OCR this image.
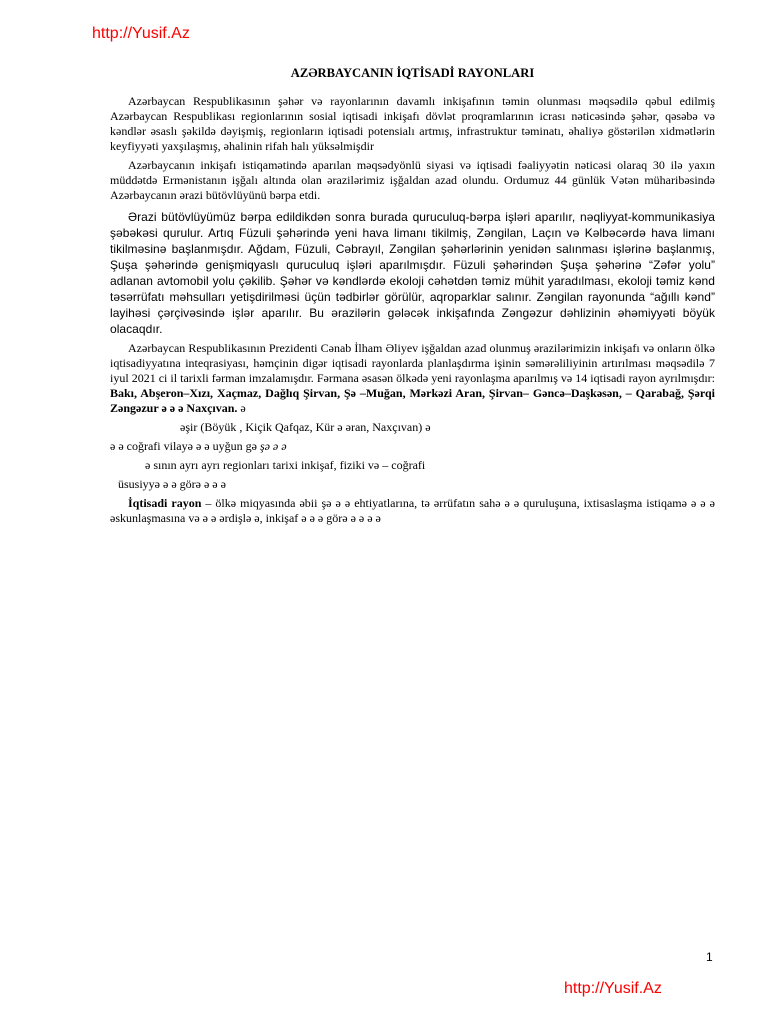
http://Yusif.Az
AZƏRBAYCANIN İQTİSADİ RAYONLARI

Azərbaycan Respublikasının şəhər və rayonlarının davamlı inkişafının təmin olunması məqsədilə qəbul edilmiş Azərbaycan Respublikası regionlarının sosial iqtisadi inkişafı dövlət proqramlarının icrası nəticəsində şəhər, qəsəbə və kəndlər əsaslı şəkildə dəyişmiş, regionların iqtisadi potensialı artmış, infrastruktur təminatı, əhaliyə göstərilən xidmətlərin keyfiyyəti yaxşılaşmış, əhalinin rifah halı yüksəlmişdir

Azərbaycanın inkişafı istiqamətində aparılan məqsədyönlü siyasi və iqtisadi fəaliyyətin nəticəsi olaraq 30 ilə yaxın müddətdə Ermənistanın işğalı altında olan ərazilərimiz işğaldan azad olundu. Ordumuz 44 günlük Vətən müharibəsində Azərbaycanın ərazi bütövlüyünü bərpa etdi.

Ərazi bütövlüyümüz bərpa edildikdən sonra burada quruculuq-bərpa işləri aparılır, nəqliyyat-kommunikasiya şəbəkəsi qurulur. Artıq Füzuli şəhərində yeni hava limanı tikilmiş, Zəngilan, Laçın və Kəlbəcərdə hava limanı tikilməsinə başlanmışdır. Ağdam, Füzuli, Cəbrayıl, Zəngilan şəhərlərinin yenidən salınması işlərinə başlanmış, Şuşa şəhərində genişmiqyaslı quruculuq işləri aparılmışdır. Füzuli şəhərindən Şuşa şəhərinə “Zəfər yolu” adlanan avtomobil yolu çəkilib. Şəhər və kəndlərdə ekoloji cəhətdən təmiz mühit yaradılması, ekoloji təmiz kənd təsərrüfatı məhsulları yetişdirilməsi üçün tədbirlər görülür, aqroparklar salınır. Zəngilan rayonunda “ağıllı kənd” layihəsi çərçivəsində işlər aparılır. Bu ərazilərin gələcək inkişafında Zəngəzur dəhlizinin əhəmiyyəti böyük olacaqdır.

Azərbaycan Respublikasının Prezidenti Cənab İlham Əliyev işğaldan azad olunmuş ərazilərimizin inkişafı və onların ölkə iqtisadiyyatına inteqrasiyası, həmçinin digər iqtisadi rayonlarda planlaşdırma işinin səmərəliliyinin artırılması məqsədilə 7 iyul 2021 ci il tarixli fərman imzalamışdır. Fərmana əsasən ölkədə yeni rayonlaşma aparılmış və 14 iqtisadi rayon ayrılmışdır: Bakı, Abşeron–Xızı, Xaçmaz, Dağlıq Şirvan, Şə –Muğan, Mərkəzi Aran, Şirvan– Gəncə–Daşkəsən, – Qarabağ, Şərqi Zəngəzur ə ə ə Naxçıvan. ə

əşir (Böyük , Kiçik Qafqaz, Kür ə əran, Naxçıvan) ə

ə ə coğrafi vilayə ə ə uyğun gə şə ə ə

ə sının ayrı ayrı regionları tarixi inkişaf, fiziki və – coğrafi

üsusiyyə ə ə görə ə ə ə

İqtisadi rayon – ölkə miqyasında əbii şə ə ə ehtiyatlarına, tə ərrüfatın sahə ə ə quruluşuna, ixtisaslaşma istiqamə ə ə ə əskunlaşmasına və ə ə ərdişlə ə, inkişaf ə ə ə görə ə ə ə ə

1
http://Yusif.Az
